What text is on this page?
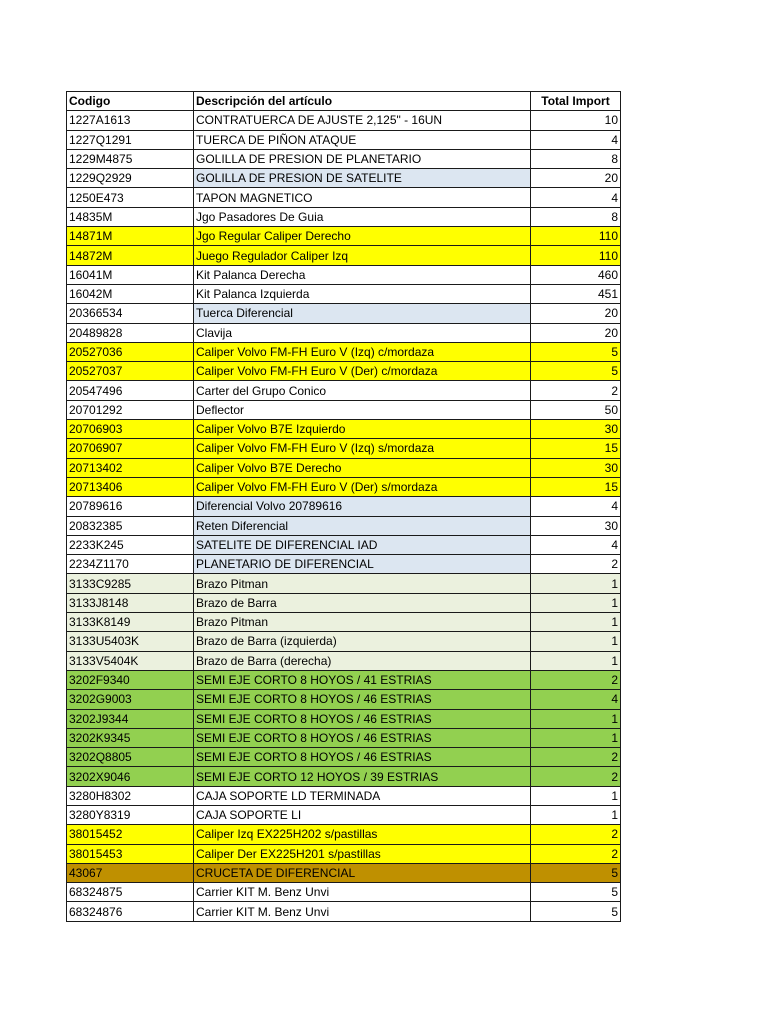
Codigo	Descripción del artículo	Total Import
1227A1613	CONTRATUERCA DE AJUSTE 2,125" - 16UN	10
1227Q1291	TUERCA DE PIÑON ATAQUE	4
1229M4875	GOLILLA DE PRESION DE PLANETARIO	8
1229Q2929	GOLILLA DE PRESION DE SATELITE	20
1250E473	TAPON MAGNETICO	4
14835M	Jgo Pasadores De Guia	8
14871M	Jgo Regular Caliper Derecho	110
14872M	Juego Regulador Caliper Izq	110
16041M	Kit Palanca Derecha	460
16042M	Kit Palanca Izquierda	451
20366534	Tuerca Diferencial	20
20489828	Clavija	20
20527036	Caliper Volvo FM-FH Euro V (Izq) c/mordaza	5
20527037	Caliper Volvo FM-FH Euro V (Der) c/mordaza	5
20547496	Carter del Grupo Conico	2
20701292	Deflector	50
20706903	Caliper Volvo B7E Izquierdo	30
20706907	Caliper Volvo FM-FH Euro V (Izq) s/mordaza	15
20713402	Caliper Volvo B7E Derecho	30
20713406	Caliper Volvo FM-FH Euro V (Der) s/mordaza	15
20789616	Diferencial Volvo 20789616	4
20832385	Reten Diferencial	30
2233K245	SATELITE DE DIFERENCIAL IAD	4
2234Z1170	PLANETARIO DE DIFERENCIAL	2
3133C9285	Brazo Pitman	1
3133J8148	Brazo de Barra	1
3133K8149	Brazo Pitman	1
3133U5403K	Brazo de Barra (izquierda)	1
3133V5404K	Brazo de Barra (derecha)	1
3202F9340	SEMI EJE CORTO 8 HOYOS / 41 ESTRIAS	2
3202G9003	SEMI EJE CORTO 8 HOYOS / 46 ESTRIAS	4
3202J9344	SEMI EJE CORTO 8 HOYOS / 46 ESTRIAS	1
3202K9345	SEMI EJE CORTO 8 HOYOS / 46 ESTRIAS	1
3202Q8805	SEMI EJE CORTO 8 HOYOS / 46 ESTRIAS	2
3202X9046	SEMI EJE CORTO 12 HOYOS / 39 ESTRIAS	2
3280H8302	CAJA SOPORTE LD TERMINADA	1
3280Y8319	CAJA SOPORTE LI	1
38015452	Caliper Izq EX225H202 s/pastillas	2
38015453	Caliper Der EX225H201 s/pastillas	2
43067	CRUCETA DE DIFERENCIAL	5
68324875	Carrier KIT M. Benz Unvi	5
68324876	Carrier KIT M. Benz Unvi	5
